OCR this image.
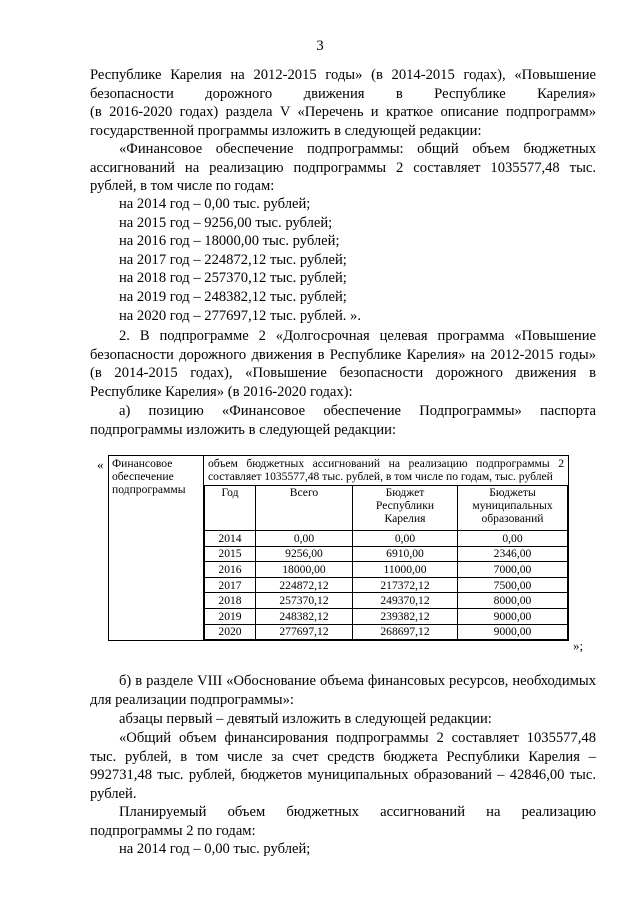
3
Республике Карелия на 2012-2015 годы» (в 2014-2015 годах), «Повышение
безопасности дорожного движения в Республике Карелия»
(в 2016-2020 годах) раздела V «Перечень и краткое описание подпрограмм»
государственной программы изложить в следующей редакции:
«Финансовое обеспечение подпрограммы: общий объем бюджетных ассигнований на реализацию подпрограммы 2 составляет 1035577,48 тыс. рублей, в том числе по годам:
на 2014 год – 0,00 тыс. рублей;
на 2015 год – 9256,00 тыс. рублей;
на 2016 год – 18000,00 тыс. рублей;
на 2017 год – 224872,12 тыс. рублей;
на 2018 год – 257370,12 тыс. рублей;
на 2019 год – 248382,12 тыс. рублей;
на 2020 год – 277697,12 тыс. рублей. ».
2. В подпрограмме 2 «Долгосрочная целевая программа «Повышение безопасности дорожного движения в Республике Карелия» на 2012-2015 годы» (в 2014-2015 годах), «Повышение безопасности дорожного движения в Республике Карелия» (в 2016-2020 годах):
а) позицию «Финансовое обеспечение Подпрограммы» паспорта подпрограммы изложить в следующей редакции:
« Финансовое обеспечение подпрограммы	
объем бюджетных ассигнований на реализацию подпрограммы 2 составляет 1035577,48 тыс. рублей, в том числе по годам, тыс. рублей
Год	Всего	Бюджет Республики Карелия	Бюджеты муниципальных образований
2014	0,00	0,00	0,00
2015	9256,00	6910,00	2346,00
2016	18000,00	11000,00	7000,00
2017	224872,12	217372,12	7500,00
2018	257370,12	249370,12	8000,00
2019	248382,12	239382,12	9000,00
2020	277697,12	268697,12	9000,00
»;
б) в разделе VIII «Обоснование объема финансовых ресурсов, необходимых для реализации подпрограммы»:
абзацы первый – девятый изложить в следующей редакции:
«Общий объем финансирования подпрограммы 2 составляет 1035577,48 тыс. рублей, в том числе за счет средств бюджета Республики Карелия – 992731,48 тыс. рублей, бюджетов муниципальных образований – 42846,00 тыс. рублей.
Планируемый объем бюджетных ассигнований на реализацию подпрограммы 2 по годам:
на 2014 год – 0,00 тыс. рублей;
